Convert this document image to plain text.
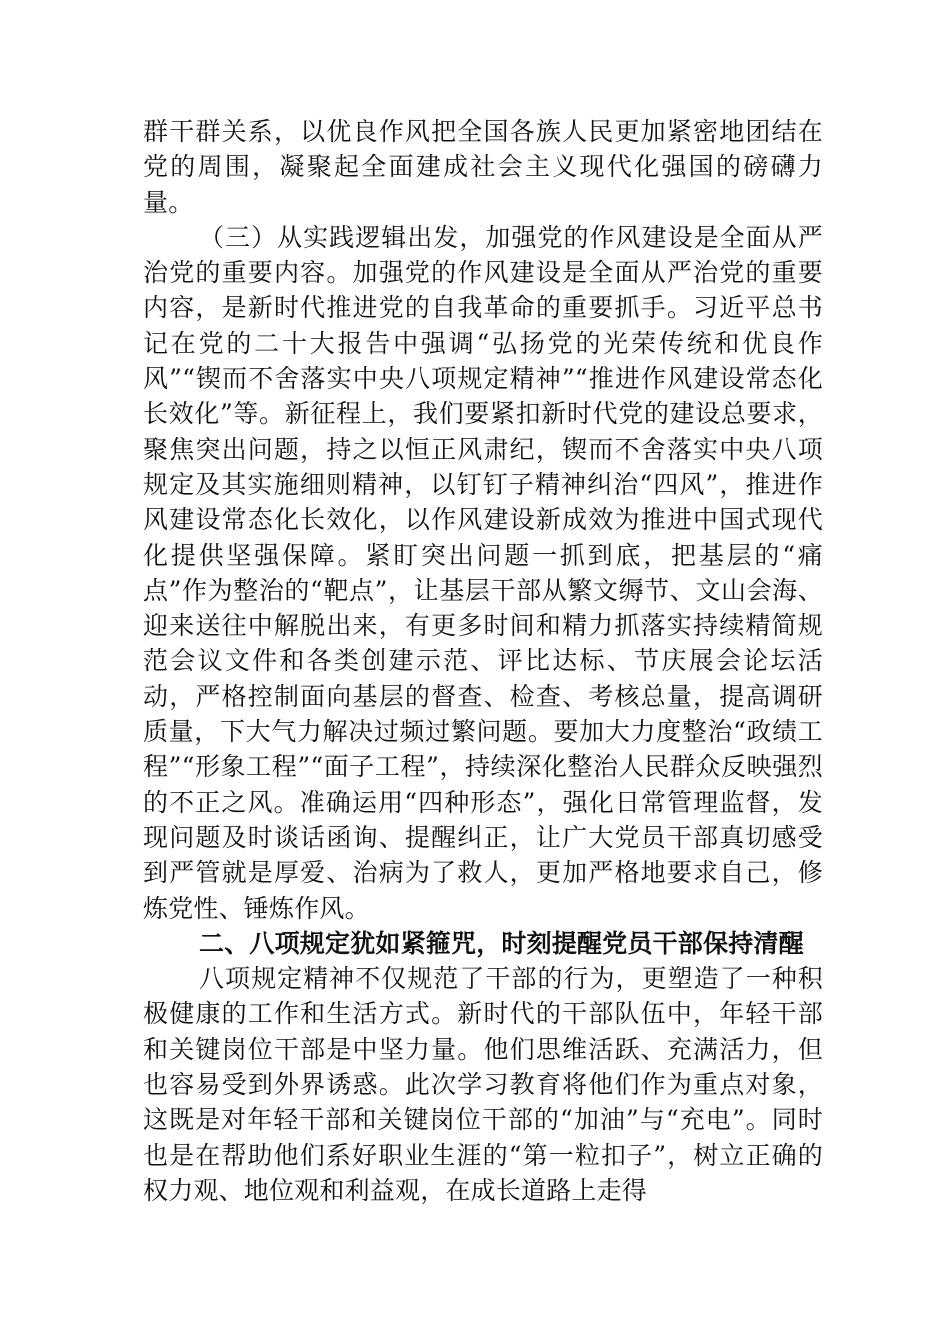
群干群关系，以优良作风把全国各族人民更加紧密地团结在党的周围，凝聚起全面建成社会主义现代化强国的磅礴力量。

（三）从实践逻辑出发，加强党的作风建设是全面从严治党的重要内容。加强党的作风建设是全面从严治党的重要内容，是新时代推进党的自我革命的重要抓手。习近平总书记在党的二十大报告中强调“弘扬党的光荣传统和优良作风”“锲而不舍落实中央八项规定精神”“推进作风建设常态化长效化”等。新征程上，我们要紧扣新时代党的建设总要求，聚焦突出问题，持之以恒正风肃纪，锲而不舍落实中央八项规定及其实施细则精神，以钉钉子精神纠治“四风”，推进作风建设常态化长效化，以作风建设新成效为推进中国式现代化提供坚强保障。紧盯突出问题一抓到底，把基层的“痛点”作为整治的“靶点”，让基层干部从繁文缛节、文山会海、迎来送往中解脱出来，有更多时间和精力抓落实持续精简规范会议文件和各类创建示范、评比达标、节庆展会论坛活动，严格控制面向基层的督查、检查、考核总量，提高调研质量，下大气力解决过频过繁问题。要加大力度整治“政绩工程”“形象工程”“面子工程”，持续深化整治人民群众反映强烈的不正之风。准确运用“四种形态”，强化日常管理监督，发现问题及时谈话函询、提醒纠正，让广大党员干部真切感受到严管就是厚爱、治病为了救人，更加严格地要求自己，修炼党性、锤炼作风。

二、八项规定犹如紧箍咒，时刻提醒党员干部保持清醒

八项规定精神不仅规范了干部的行为，更塑造了一种积极健康的工作和生活方式。新时代的干部队伍中，年轻干部和关键岗位干部是中坚力量。他们思维活跃、充满活力，但也容易受到外界诱惑。此次学习教育将他们作为重点对象，这既是对年轻干部和关键岗位干部的“加油”与“充电”。同时也是在帮助他们系好职业生涯的“第一粒扣子”，树立正确的权力观、地位观和利益观，在成长道路上走得
